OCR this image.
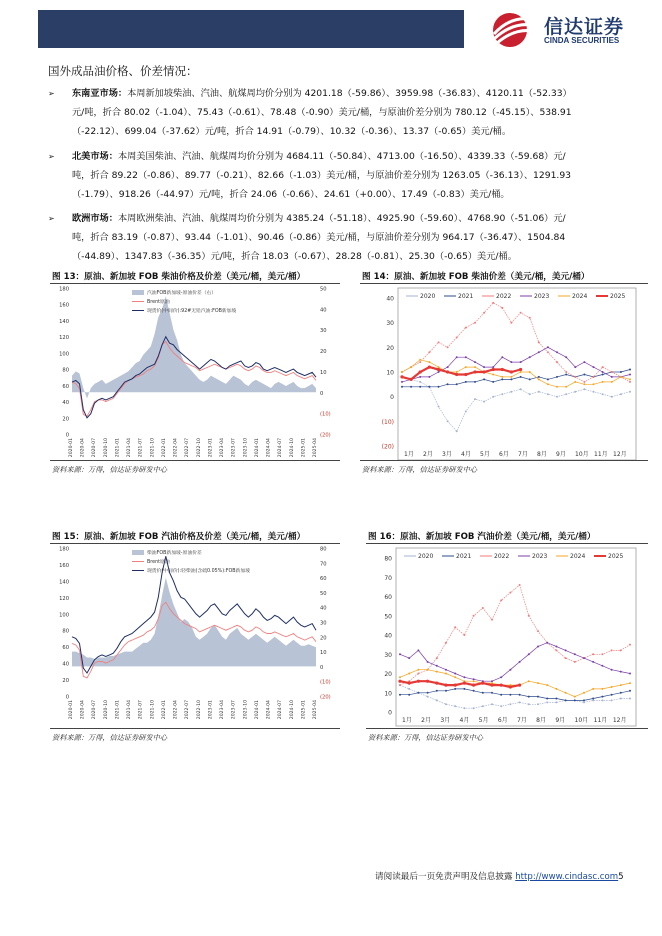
信达证券
CINDA SECURITIES
国外成品油价格、价差情况：
➢ 东南亚市场：本周新加坡柴油、汽油、航煤周均价分别为 4201.18（-59.86）、3959.98（-36.83）、4120.11（-52.33）
元/吨，折合 80.02（-1.04）、75.43（-0.61）、78.48（-0.90）美元/桶，与原油价差分别为 780.12（-45.15）、538.91
（-22.12）、699.04（-37.62）元/吨，折合 14.91（-0.79）、10.32（-0.36）、13.37（-0.65）美元/桶。
➢ 北美市场：本周美国柴油、汽油、航煤周均价分别为 4684.11（-50.84）、4713.00（-16.50）、4339.33（-59.68）元/
吨，折合 89.22（-0.86）、89.77（-0.21）、82.66（-1.03）美元/桶，与原油价差分别为 1263.05（-36.13）、1291.93
（-1.79）、918.26（-44.97）元/吨，折合 24.06（-0.66）、24.61（+0.00）、17.49（-0.83）美元/桶。
➢ 欧洲市场：本周欧洲柴油、汽油、航煤周均价分别为 4385.24（-51.18）、4925.90（-59.60）、4768.90（-51.06）元/
吨，折合 83.19（-0.87）、93.44（-1.01）、90.46（-0.86）美元/桶，与原油价差分别为 964.17（-36.47）、1504.84
（-44.89）、1347.83（-36.35）元/吨，折合 18.03（-0.67）、28.28（-0.81）、25.30（-0.65）美元/桶。
图 13：原油、新加坡 FOB 柴油价格及价差（美元/桶，美元/桶）	图 14：原油、新加坡 FOB 柴油价差（美元/桶，美元/桶）
0
20
40
60
80
100
120
140
160
180
(20)
(10)
0
10
20
30
40
50
2020-01 2020-04 2020-07 2020-10 2021-01 2021-04 2021-07 2021-10 2022-01 2022-04 2022-07 2022-10 2023-01 2023-04 2023-07 2023-10 2024-01 2024-04 2024-07 2024-10 2025-01 2025-04
汽油FOB新加坡-原油价差（右）
Brent原油
现货价(中间价):92#无铅汽油:FOB新加坡
(20)
(10)
0
10
20
30
40
1月 2月 3月 4月 5月 6月 7月 8月 9月 10月 11月 12月
2020	2021	2022	2023	2024	2025
资料来源：万得，信达证券研发中心	资料来源：万得，信达证券研发中心
图 15：原油、新加坡 FOB 汽油价格及价差（美元/桶，美元/桶）	图 16：原油、新加坡 FOB 汽油价差（美元/桶，美元/桶）
0
20
40
60
80
100
120
140
160
180
(20)
(10)
0
10
20
30
40
50
60
70
80
2020-01 2020-04 2020-07 2020-10 2021-01 2021-04 2021-07 2021-10 2022-01 2022-04 2022-07 2022-10 2023-01 2023-04 2023-07 2023-10 2024-01 2024-04 2024-07 2024-10 2025-01 2025-04
柴油FOB新加坡-原油价差
Brent原油
现货价(中间价):轻柴油(含硫0.05%):FOB新加坡
0
10
20
30
40
50
60
70
80
1月 2月 3月 4月 5月 6月 7月 8月 9月 10月 11月 12月
2020	2021	2022	2023	2024	2025
资料来源：万得，信达证券研发中心	资料来源：万得，信达证券研发中心
请阅读最后一页免责声明及信息披露 http://www.cindasc.com5
